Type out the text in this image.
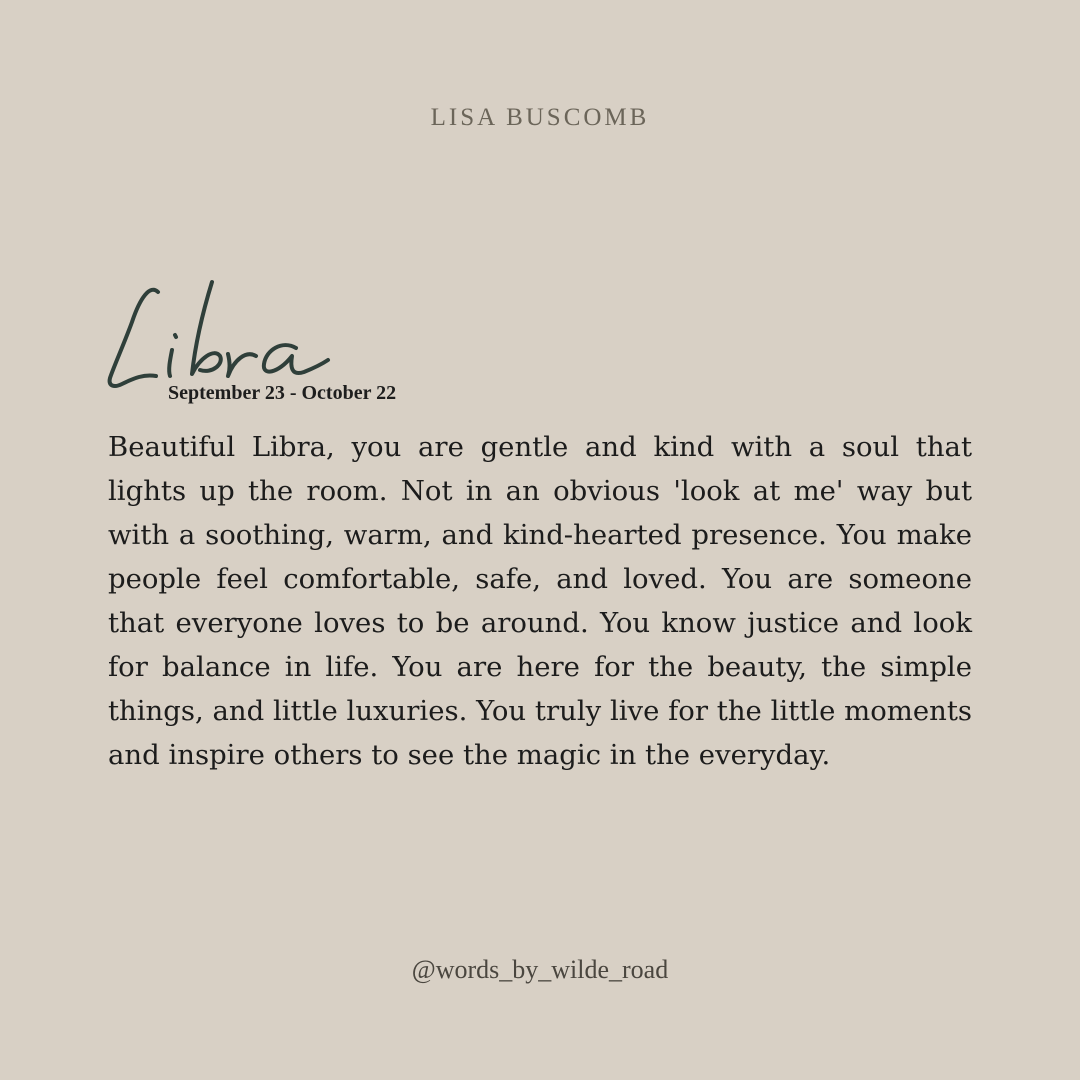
LISA BUSCOMB
September 23 - October 22

Beautiful Libra, you are gentle and kind with a soul that lights up the room. Not in an obvious 'look at me' way but with a soothing, warm, and kind-hearted presence. You make people feel comfortable, safe, and loved. You are someone that everyone loves to be around. You know justice and look for balance in life. You are here for the beauty, the simple things, and little luxuries. You truly live for the little moments and inspire others to see the magic in the everyday.

@words_by_wilde_road
